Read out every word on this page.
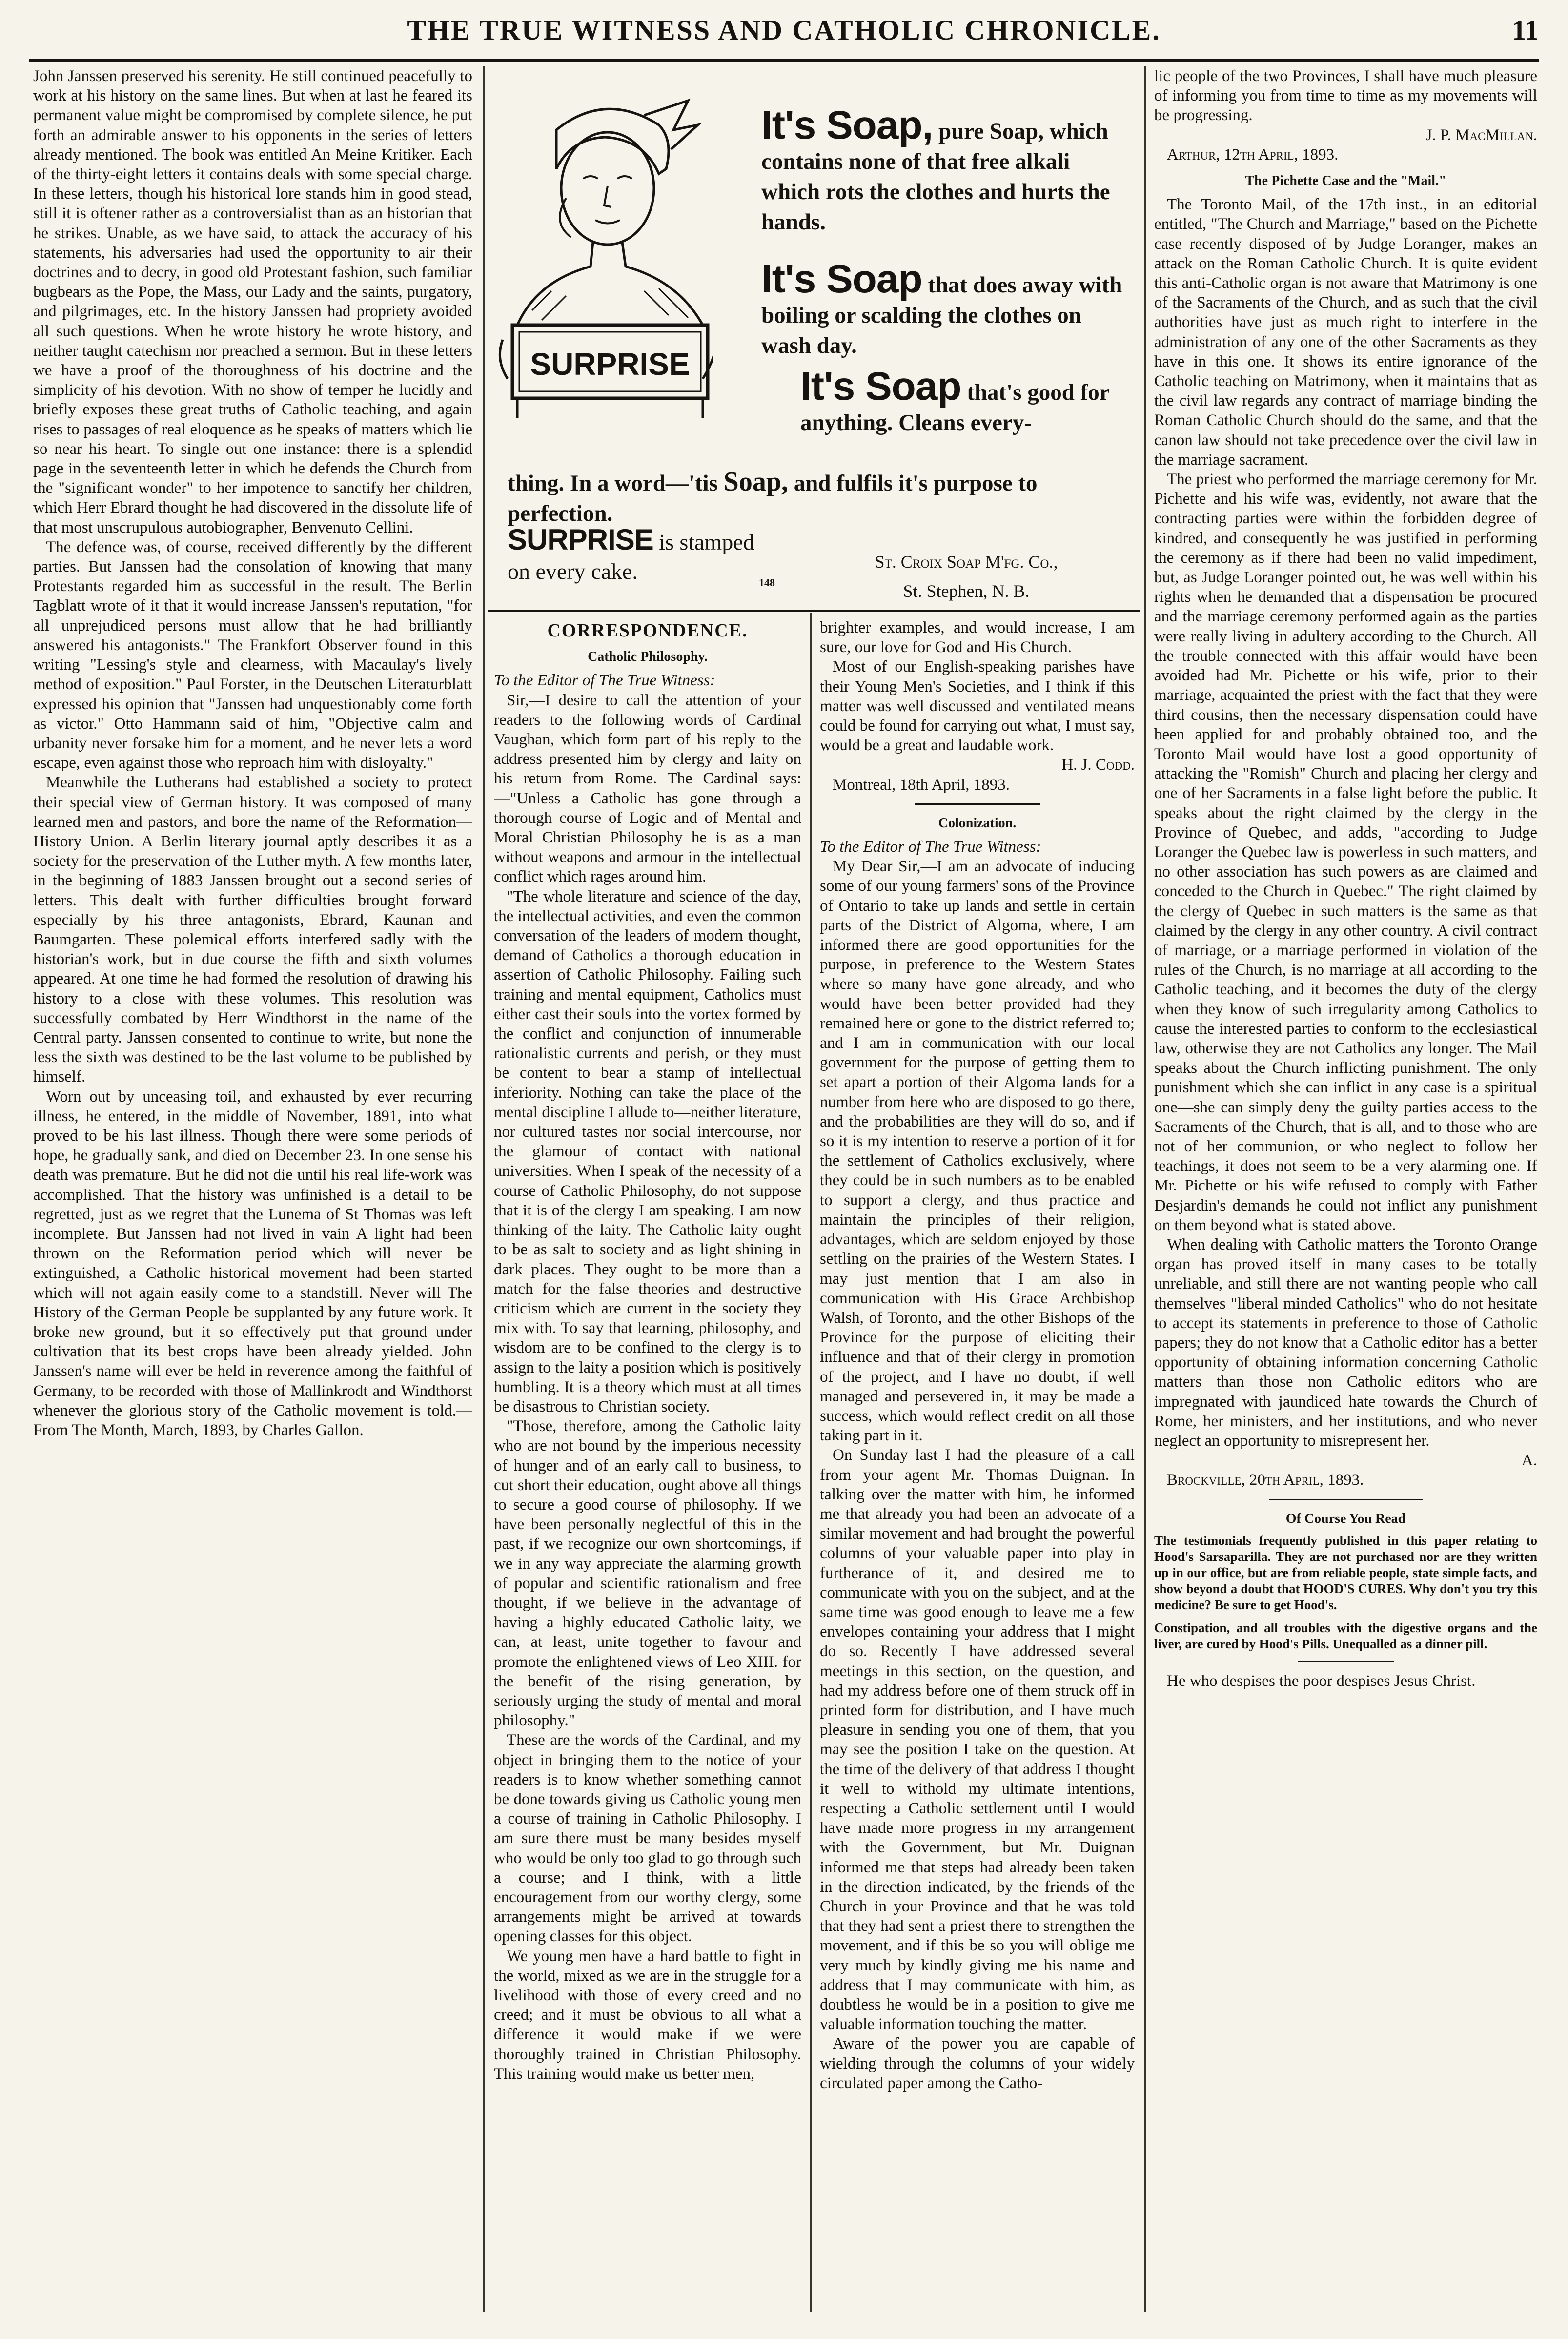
THE TRUE WITNESS AND CATHOLIC CHRONICLE.	11

John Janssen preserved his serenity. He still continued peacefully to work at his history on the same lines. But when at last he feared its permanent value might be compromised by complete silence, he put forth an admirable answer to his opponents in the series of letters already mentioned. The book was entitled An Meine Kritiker. Each of the thirty-eight letters it contains deals with some special charge. In these letters, though his historical lore stands him in good stead, still it is oftener rather as a controversialist than as an historian that he strikes. Unable, as we have said, to attack the accuracy of his statements, his adversaries had used the opportunity to air their doctrines and to decry, in good old Protestant fashion, such familiar bugbears as the Pope, the Mass, our Lady and the saints, purgatory, and pilgrimages, etc. In the history Janssen had propriety avoided all such questions. When he wrote history he wrote history, and neither taught catechism nor preached a sermon. But in these letters we have a proof of the thoroughness of his doctrine and the simplicity of his devotion. With no show of temper he lucidly and briefly exposes these great truths of Catholic teaching, and again rises to passages of real eloquence as he speaks of matters which lie so near his heart. To single out one instance: there is a splendid page in the seventeenth letter in which he defends the Church from the "significant wonder" to her impotence to sanctify her children, which Herr Ebrard thought he had discovered in the dissolute life of that most unscrupulous autobiographer, Benvenuto Cellini.

The defence was, of course, received differently by the different parties. But Janssen had the consolation of knowing that many Protestants regarded him as successful in the result. The Berlin Tagblatt wrote of it that it would increase Janssen's reputation, "for all unprejudiced persons must allow that he had brilliantly answered his antagonists." The Frankfort Observer found in this writing "Lessing's style and clearness, with Macaulay's lively method of exposition." Paul Forster, in the Deutschen Literaturblatt expressed his opinion that "Janssen had unquestionably come forth as victor." Otto Hammann said of him, "Objective calm and urbanity never forsake him for a moment, and he never lets a word escape, even against those who reproach him with disloyalty."

Meanwhile the Lutherans had established a society to protect their special view of German history. It was composed of many learned men and pastors, and bore the name of the Reformation—History Union. A Berlin literary journal aptly describes it as a society for the preservation of the Luther myth. A few months later, in the beginning of 1883 Janssen brought out a second series of letters. This dealt with further difficulties brought forward especially by his three antagonists, Ebrard, Kaunan and Baumgarten. These polemical efforts interfered sadly with the historian's work, but in due course the fifth and sixth volumes appeared. At one time he had formed the resolution of drawing his history to a close with these volumes. This resolution was successfully combated by Herr Windthorst in the name of the Central party. Janssen consented to continue to write, but none the less the sixth was destined to be the last volume to be published by himself.

Worn out by unceasing toil, and exhausted by ever recurring illness, he entered, in the middle of November, 1891, into what proved to be his last illness. Though there were some periods of hope, he gradually sank, and died on December 23. In one sense his death was premature. But he did not die until his real life-work was accomplished. That the history was unfinished is a detail to be regretted, just as we regret that the Lunema of St Thomas was left incomplete. But Janssen had not lived in vain A light had been thrown on the Reformation period which will never be extinguished, a Catholic historical movement had been started which will not again easily come to a standstill. Never will The History of the German People be supplanted by any future work. It broke new ground, but it so effectively put that ground under cultivation that its best crops have been already yielded. John Janssen's name will ever be held in reverence among the faithful of Germany, to be recorded with those of Mallinkrodt and Windthorst whenever the glorious story of the Catholic movement is told.—From The Month, March, 1893, by Charles Gallon.

SURPRISE
It's Soap, pure Soap, which contains none of that free alkali which rots the clothes and hurts the hands.
It's Soap that does away with boiling or scalding the clothes on wash day.
It's Soap that's good for anything. Cleans every-
thing. In a word—'tis Soap, and fulfils it's purpose to perfection.
SURPRISE is stamped on every cake.	148
St. Croix Soap M'fg. Co.,
St. Stephen, N. B.
CORRESPONDENCE.
Catholic Philosophy.

To the Editor of The True Witness:

Sir,—I desire to call the attention of your readers to the following words of Cardinal Vaughan, which form part of his reply to the address presented him by clergy and laity on his return from Rome. The Cardinal says:—"Unless a Catholic has gone through a thorough course of Logic and of Mental and Moral Christian Philosophy he is as a man without weapons and armour in the intellectual conflict which rages around him.

"The whole literature and science of the day, the intellectual activities, and even the common conversation of the leaders of modern thought, demand of Catholics a thorough education in assertion of Catholic Philosophy. Failing such training and mental equipment, Catholics must either cast their souls into the vortex formed by the conflict and conjunction of innumerable rationalistic currents and perish, or they must be content to bear a stamp of intellectual inferiority. Nothing can take the place of the mental discipline I allude to—neither literature, nor cultured tastes nor social intercourse, nor the glamour of contact with national universities. When I speak of the necessity of a course of Catholic Philosophy, do not suppose that it is of the clergy I am speaking. I am now thinking of the laity. The Catholic laity ought to be as salt to society and as light shining in dark places. They ought to be more than a match for the false theories and destructive criticism which are current in the society they mix with. To say that learning, philosophy, and wisdom are to be confined to the clergy is to assign to the laity a position which is positively humbling. It is a theory which must at all times be disastrous to Christian society.

"Those, therefore, among the Catholic laity who are not bound by the imperious necessity of hunger and of an early call to business, to cut short their education, ought above all things to secure a good course of philosophy. If we have been personally neglectful of this in the past, if we recognize our own shortcomings, if we in any way appreciate the alarming growth of popular and scientific rationalism and free thought, if we believe in the advantage of having a highly educated Catholic laity, we can, at least, unite together to favour and promote the enlightened views of Leo XIII. for the benefit of the rising generation, by seriously urging the study of mental and moral philosophy."

These are the words of the Cardinal, and my object in bringing them to the notice of your readers is to know whether something cannot be done towards giving us Catholic young men a course of training in Catholic Philosophy. I am sure there must be many besides myself who would be only too glad to go through such a course; and I think, with a little encouragement from our worthy clergy, some arrangements might be arrived at towards opening classes for this object.

We young men have a hard battle to fight in the world, mixed as we are in the struggle for a livelihood with those of every creed and no creed; and it must be obvious to all what a difference it would make if we were thoroughly trained in Christian Philosophy. This training would make us better men,

brighter examples, and would increase, I am sure, our love for God and His Church.

Most of our English-speaking parishes have their Young Men's Societies, and I think if this matter was well discussed and ventilated means could be found for carrying out what, I must say, would be a great and laudable work.

H. J. Codd.

Montreal, 18th April, 1893.

Colonization.

To the Editor of The True Witness:

My Dear Sir,—I am an advocate of inducing some of our young farmers' sons of the Province of Ontario to take up lands and settle in certain parts of the District of Algoma, where, I am informed there are good opportunities for the purpose, in preference to the Western States where so many have gone already, and who would have been better provided had they remained here or gone to the district referred to; and I am in communication with our local government for the purpose of getting them to set apart a portion of their Algoma lands for a number from here who are disposed to go there, and the probabilities are they will do so, and if so it is my intention to reserve a portion of it for the settlement of Catholics exclusively, where they could be in such numbers as to be enabled to support a clergy, and thus practice and maintain the principles of their religion, advantages, which are seldom enjoyed by those settling on the prairies of the Western States. I may just mention that I am also in communication with His Grace Archbishop Walsh, of Toronto, and the other Bishops of the Province for the purpose of eliciting their influence and that of their clergy in promotion of the project, and I have no doubt, if well managed and persevered in, it may be made a success, which would reflect credit on all those taking part in it.

On Sunday last I had the pleasure of a call from your agent Mr. Thomas Duignan. In talking over the matter with him, he informed me that already you had been an advocate of a similar movement and had brought the powerful columns of your valuable paper into play in furtherance of it, and desired me to communicate with you on the subject, and at the same time was good enough to leave me a few envelopes containing your address that I might do so. Recently I have addressed several meetings in this section, on the question, and had my address before one of them struck off in printed form for distribution, and I have much pleasure in sending you one of them, that you may see the position I take on the question. At the time of the delivery of that address I thought it well to withold my ultimate intentions, respecting a Catholic settlement until I would have made more progress in my arrangement with the Government, but Mr. Duignan informed me that steps had already been taken in the direction indicated, by the friends of the Church in your Province and that he was told that they had sent a priest there to strengthen the movement, and if this be so you will oblige me very much by kindly giving me his name and address that I may communicate with him, as doubtless he would be in a position to give me valuable information touching the matter.

Aware of the power you are capable of wielding through the columns of your widely circulated paper among the Catho-

lic people of the two Provinces, I shall have much pleasure of informing you from time to time as my movements will be progressing.

J. P. MacMillan.

Arthur, 12th April, 1893.

The Pichette Case and the "Mail."

The Toronto Mail, of the 17th inst., in an editorial entitled, "The Church and Marriage," based on the Pichette case recently disposed of by Judge Loranger, makes an attack on the Roman Catholic Church. It is quite evident this anti-Catholic organ is not aware that Matrimony is one of the Sacraments of the Church, and as such that the civil authorities have just as much right to interfere in the administration of any one of the other Sacraments as they have in this one. It shows its entire ignorance of the Catholic teaching on Matrimony, when it maintains that as the civil law regards any contract of marriage binding the Roman Catholic Church should do the same, and that the canon law should not take precedence over the civil law in the marriage sacrament.

The priest who performed the marriage ceremony for Mr. Pichette and his wife was, evidently, not aware that the contracting parties were within the forbidden degree of kindred, and consequently he was justified in performing the ceremony as if there had been no valid impediment, but, as Judge Loranger pointed out, he was well within his rights when he demanded that a dispensation be procured and the marriage ceremony performed again as the parties were really living in adultery according to the Church. All the trouble connected with this affair would have been avoided had Mr. Pichette or his wife, prior to their marriage, acquainted the priest with the fact that they were third cousins, then the necessary dispensation could have been applied for and probably obtained too, and the Toronto Mail would have lost a good opportunity of attacking the "Romish" Church and placing her clergy and one of her Sacraments in a false light before the public. It speaks about the right claimed by the clergy in the Province of Quebec, and adds, "according to Judge Loranger the Quebec law is powerless in such matters, and no other association has such powers as are claimed and conceded to the Church in Quebec." The right claimed by the clergy of Quebec in such matters is the same as that claimed by the clergy in any other country. A civil contract of marriage, or a marriage performed in violation of the rules of the Church, is no marriage at all according to the Catholic teaching, and it becomes the duty of the clergy when they know of such irregularity among Catholics to cause the interested parties to conform to the ecclesiastical law, otherwise they are not Catholics any longer. The Mail speaks about the Church inflicting punishment. The only punishment which she can inflict in any case is a spiritual one—she can simply deny the guilty parties access to the Sacraments of the Church, that is all, and to those who are not of her communion, or who neglect to follow her teachings, it does not seem to be a very alarming one. If Mr. Pichette or his wife refused to comply with Father Desjardin's demands he could not inflict any punishment on them beyond what is stated above.

When dealing with Catholic matters the Toronto Orange organ has proved itself in many cases to be totally unreliable, and still there are not wanting people who call themselves "liberal minded Catholics" who do not hesitate to accept its statements in preference to those of Catholic papers; they do not know that a Catholic editor has a better opportunity of obtaining information concerning Catholic matters than those non Catholic editors who are impregnated with jaundiced hate towards the Church of Rome, her ministers, and her institutions, and who never neglect an opportunity to misrepresent her.

A.

Brockville, 20th April, 1893.

Of Course You Read

The testimonials frequently published in this paper relating to Hood's Sarsaparilla. They are not purchased nor are they written up in our office, but are from reliable people, state simple facts, and show beyond a doubt that HOOD'S CURES. Why don't you try this medicine? Be sure to get Hood's.

Constipation, and all troubles with the digestive organs and the liver, are cured by Hood's Pills. Unequalled as a dinner pill.

He who despises the poor despises Jesus Christ.
